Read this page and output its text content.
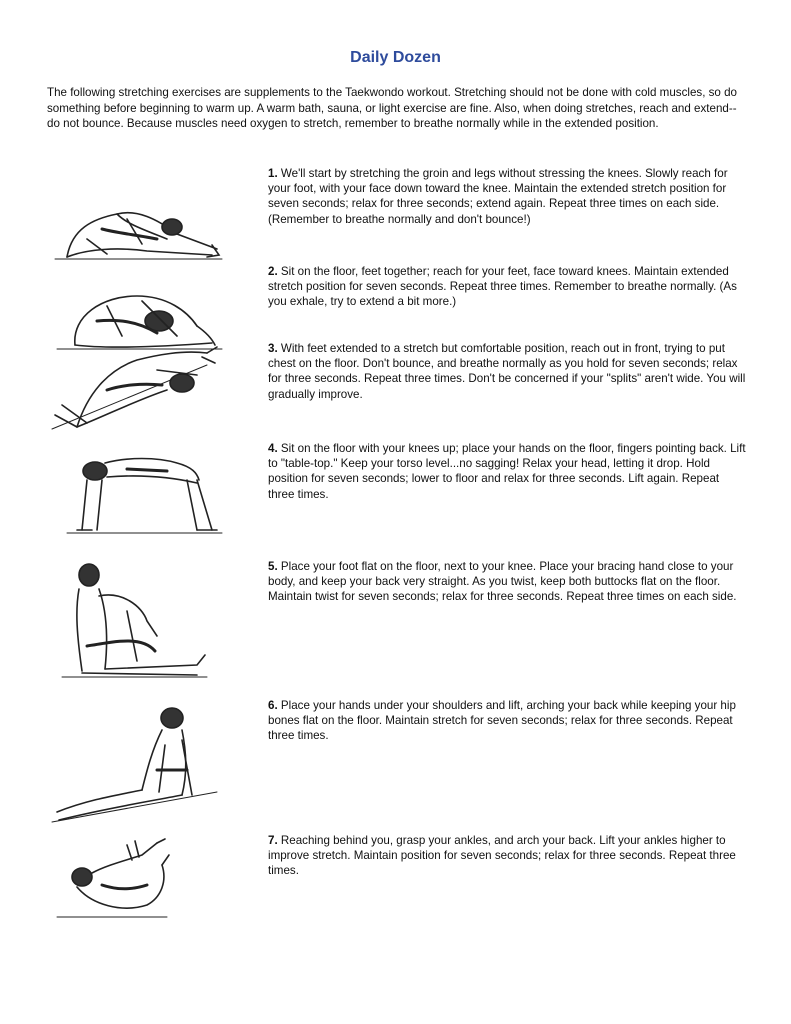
Daily Dozen
The following stretching exercises are supplements to the Taekwondo workout. Stretching should not be done with cold muscles, so do something before beginning to warm up. A warm bath, sauna, or light exercise are fine. Also, when doing stretches, reach and extend--do not bounce. Because muscles need oxygen to stretch, remember to breathe normally while in the extended position.
1. We'll start by stretching the groin and legs without stressing the knees. Slowly reach for your foot, with your face down toward the knee. Maintain the extended stretch position for seven seconds; relax for three seconds; extend again. Repeat three times on each side. (Remember to breathe normally and don't bounce!)
2. Sit on the floor, feet together; reach for your feet, face toward knees. Maintain extended stretch position for seven seconds. Repeat three times. Remember to breathe normally. (As you exhale, try to extend a bit more.)
3. With feet extended to a stretch but comfortable position, reach out in front, trying to put chest on the floor. Don't bounce, and breathe normally as you hold for seven seconds; relax for three seconds. Repeat three times. Don't be concerned if your "splits" aren't wide. You will gradually improve.
4. Sit on the floor with your knees up; place your hands on the floor, fingers pointing back. Lift to "table-top." Keep your torso level...no sagging! Relax your head, letting it drop. Hold position for seven seconds; lower to floor and relax for three seconds. Lift again. Repeat three times.
5. Place your foot flat on the floor, next to your knee. Place your bracing hand close to your body, and keep your back very straight. As you twist, keep both buttocks flat on the floor. Maintain twist for seven seconds; relax for three seconds. Repeat three times on each side.
6. Place your hands under your shoulders and lift, arching your back while keeping your hip bones flat on the floor. Maintain stretch for seven seconds; relax for three seconds. Repeat three times.
7. Reaching behind you, grasp your ankles, and arch your back. Lift your ankles higher to improve stretch. Maintain position for seven seconds; relax for three seconds. Repeat three times.
